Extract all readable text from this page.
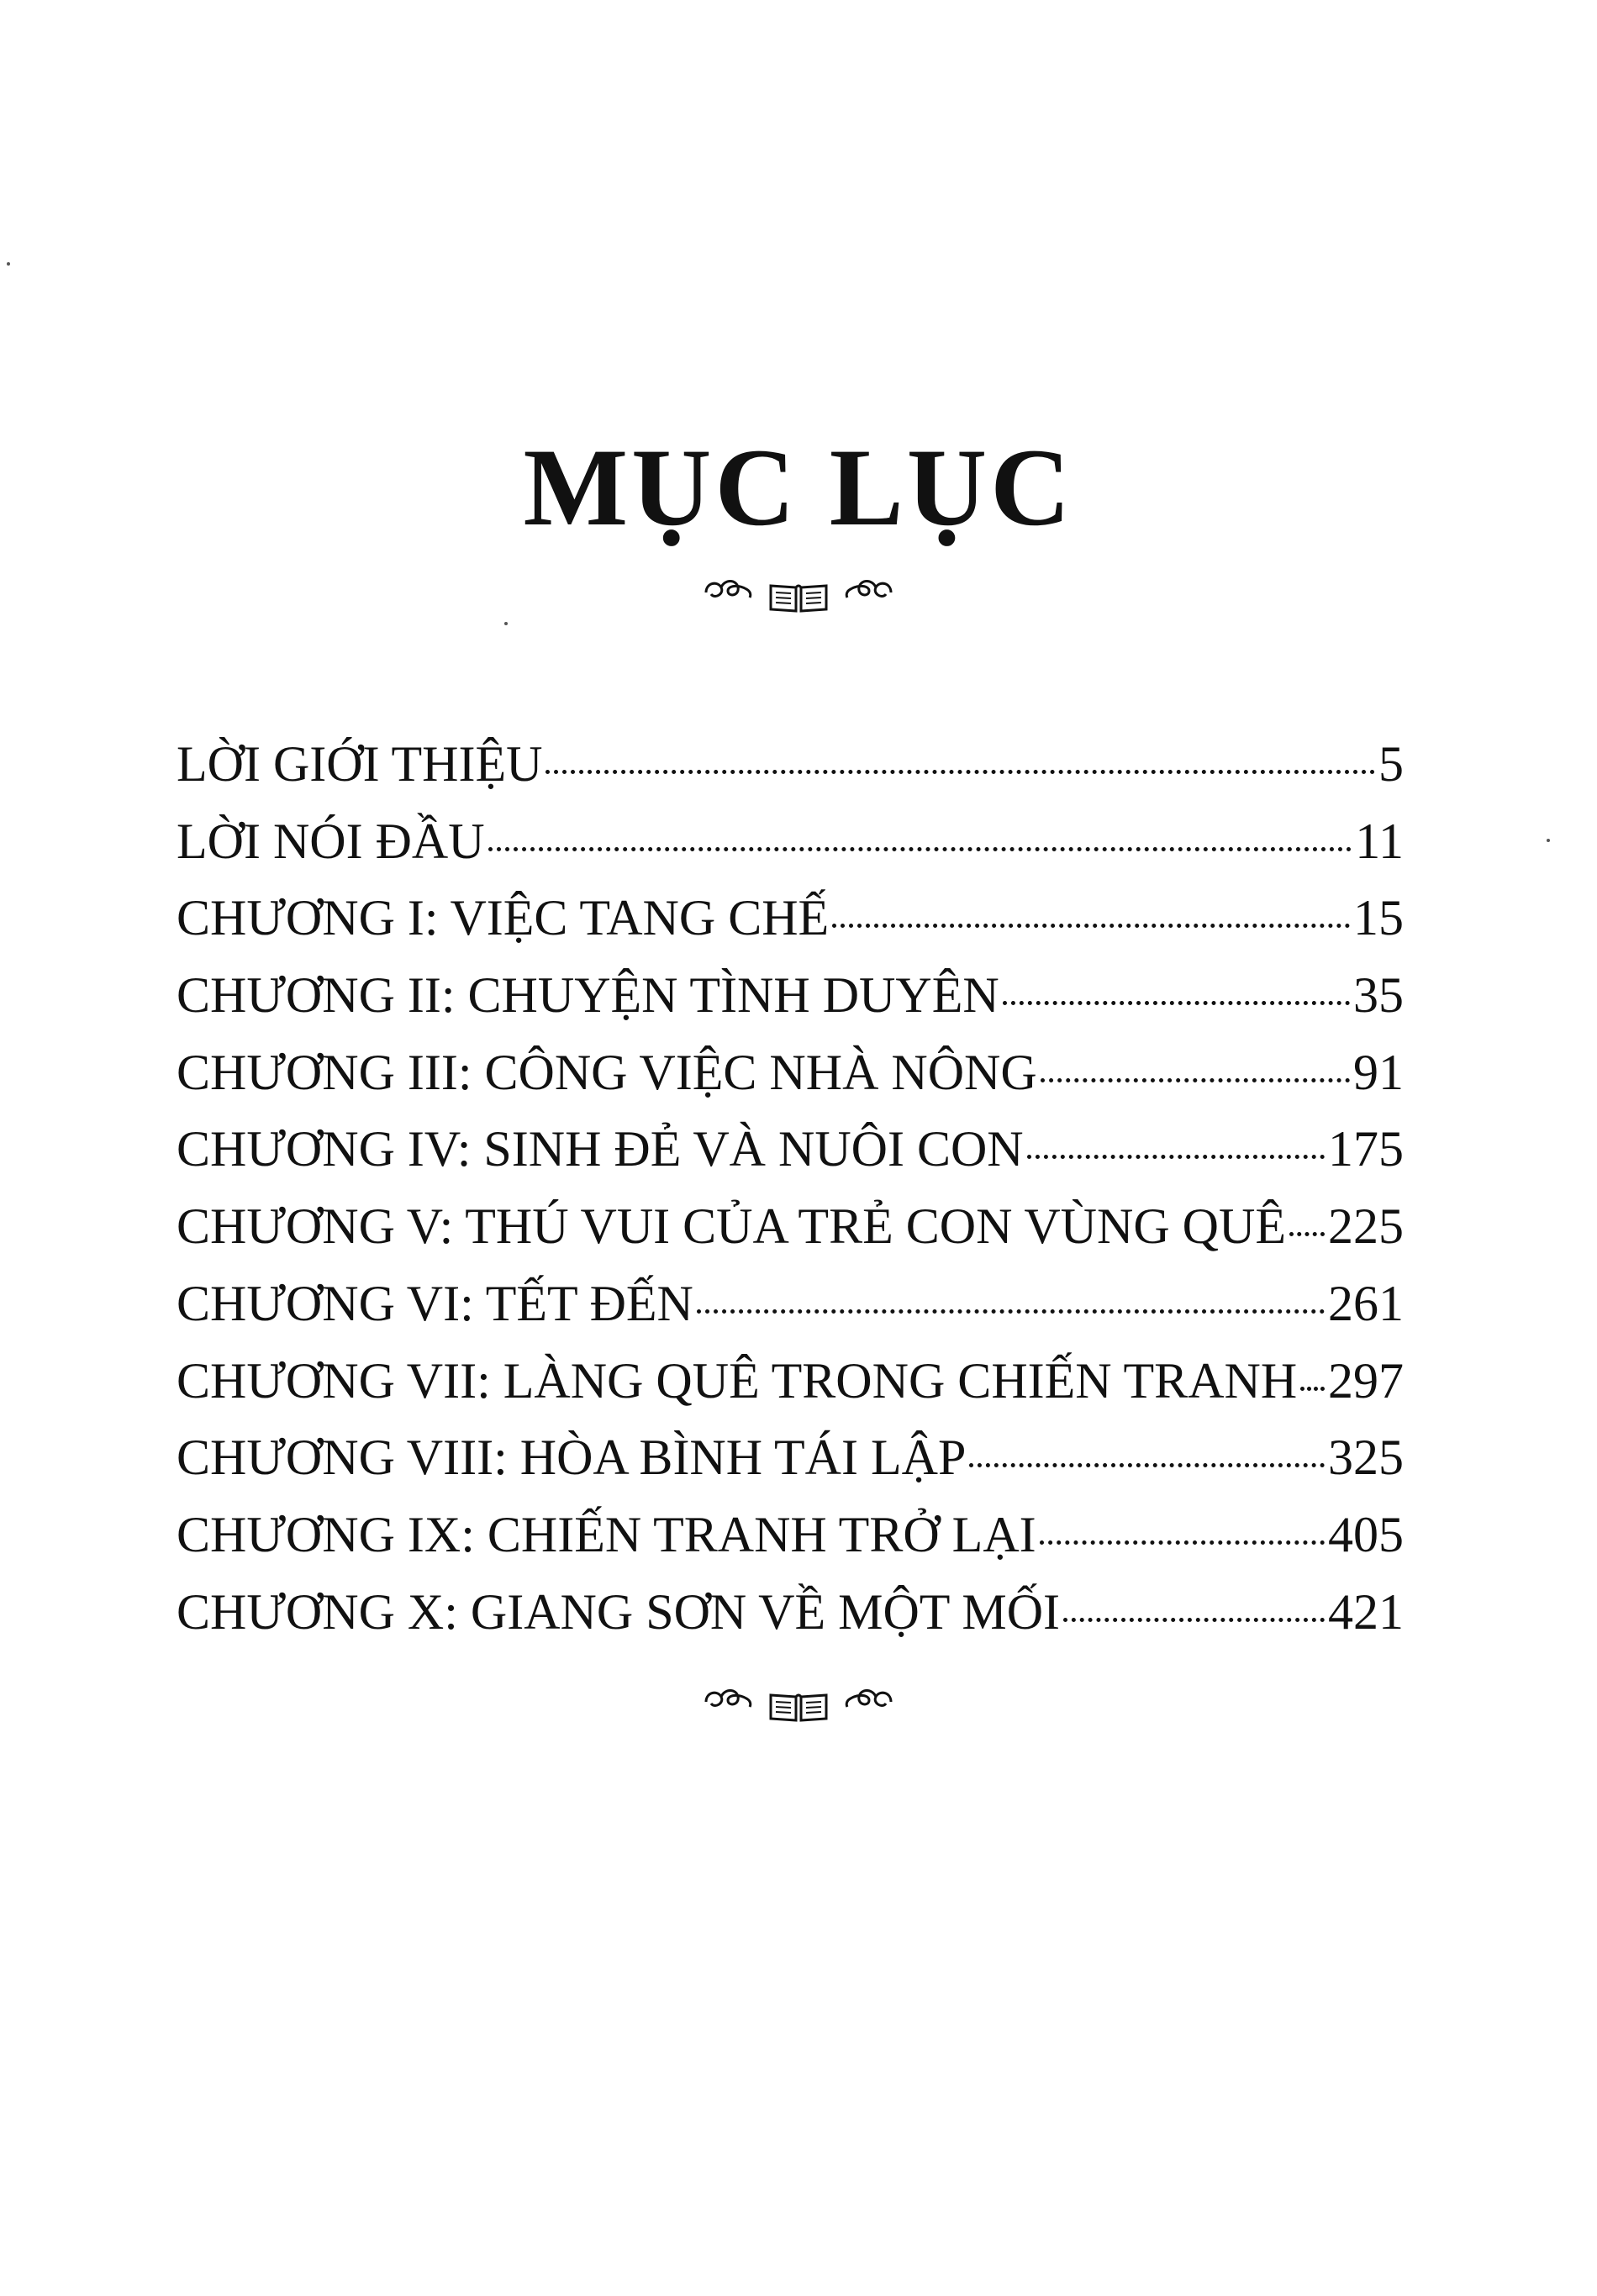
MỤC LỤC

LỜI GIỚI THIỆU	5
LỜI NÓI ĐẦU	11
CHƯƠNG I: VIỆC TANG CHẾ	15
CHƯƠNG II: CHUYỆN TÌNH DUYÊN	35
CHƯƠNG III: CÔNG VIỆC NHÀ NÔNG	91
CHƯƠNG IV: SINH ĐẺ VÀ NUÔI CON	175
CHƯƠNG V: THÚ VUI CỦA TRẺ CON VÙNG QUÊ 225
CHƯƠNG VI: TẾT ĐẾN	261
CHƯƠNG VII: LÀNG QUÊ TRONG CHIẾN TRANH 297
CHƯƠNG VIII: HÒA BÌNH TÁI LẬP	325
CHƯƠNG IX: CHIẾN TRANH TRỞ LẠI	405
CHƯƠNG X: GIANG SƠN VỀ MỘT MỐI	421
